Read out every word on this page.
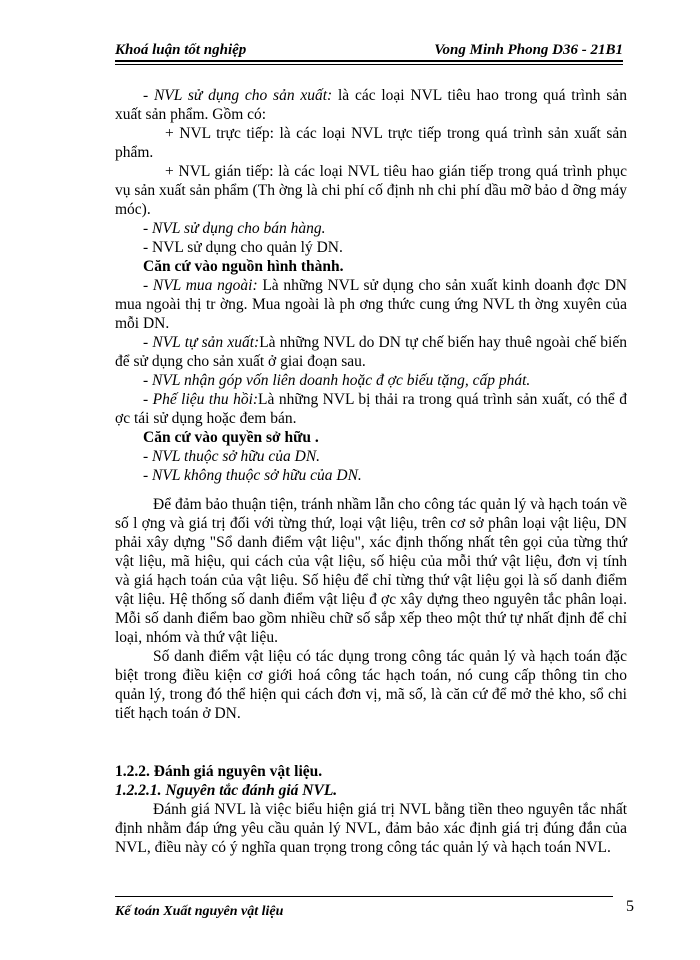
Khoá luận tốt nghiệp	Vong Minh Phong D36 - 21B1

- NVL sử dụng cho sản xuất: là các loại NVL tiêu hao trong quá trình sản xuất sản phẩm. Gồm có:

+ NVL trực tiếp: là các loại NVL trực tiếp trong quá trình sản xuất sản phẩm.

+ NVL gián tiếp: là các loại NVL tiêu hao gián tiếp trong quá trình phục vụ sản xuất sản phẩm (Th ờng là chi phí cố định nh chi phí dầu mỡ bảo d ỡng máy móc).

- NVL sử dụng cho bán hàng.

- NVL sử dụng cho quản lý DN.

Căn cứ vào nguồn hình thành.

- NVL mua ngoài: Là những NVL sử dụng cho sản xuất kinh doanh đợc DN mua ngoài thị tr ờng. Mua ngoài là ph ơng thức cung ứng NVL th ờng xuyên của mỗi DN.

- NVL tự sản xuất:Là những NVL do DN tự chế biến hay thuê ngoài chế biến để sử dụng cho sản xuất ở giai đoạn sau.

- NVL nhận góp vốn liên doanh hoặc đ ợc biếu tặng, cấp phát.

- Phế liệu thu hồi:Là những NVL bị thải ra trong quá trình sản xuất, có thể đ ợc tái sử dụng hoặc đem bán.

Căn cứ vào quyền sở hữu .

- NVL thuộc sở hữu của DN.

- NVL không thuộc sở hữu của DN.

Để đảm bảo thuận tiện, tránh nhầm lẫn cho công tác quản lý và hạch toán về số l ợng và giá trị đối với từng thứ, loại vật liệu, trên cơ sở phân loại vật liệu, DN phải xây dựng "Sổ danh điểm vật liệu", xác định thống nhất tên gọi của từng thứ vật liệu, mã hiệu, qui cách của vật liệu, số hiệu của mỗi thứ vật liệu, đơn vị tính và giá hạch toán của vật liệu. Số hiệu để chỉ từng thứ vật liệu gọi là số danh điểm vật liệu. Hệ thống số danh điểm vật liệu đ ợc xây dựng theo nguyên tắc phân loại. Mỗi số danh điểm bao gồm nhiều chữ số sắp xếp theo một thứ tự nhất định để chỉ loại, nhóm và thứ vật liệu.

Số danh điểm vật liệu có tác dụng trong công tác quản lý và hạch toán đặc biệt trong điều kiện cơ giới hoá công tác hạch toán, nó cung cấp thông tin cho quản lý, trong đó thể hiện qui cách đơn vị, mã số, là căn cứ để mở thẻ kho, sổ chi tiết hạch toán ở DN.

1.2.2. Đánh giá nguyên vật liệu.

1.2.2.1. Nguyên tắc đánh giá NVL.

Đánh giá NVL là việc biểu hiện giá trị NVL bằng tiền theo nguyên tắc nhất định nhằm đáp ứng yêu cầu quản lý NVL, đảm bảo xác định giá trị đúng đắn của NVL, điều này có ý nghĩa quan trọng trong công tác quản lý và hạch toán NVL.

5
Kế toán Xuất nguyên vật liệu
